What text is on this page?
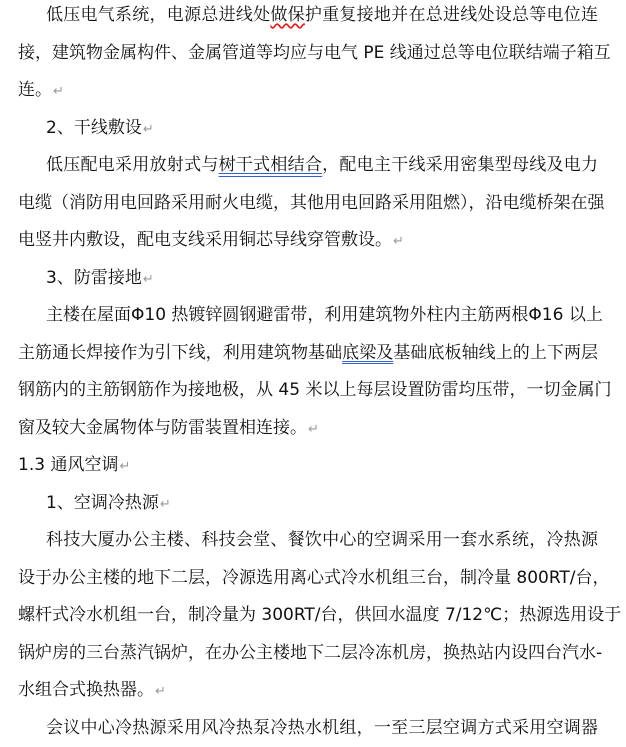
低压电气系统，电源总进线处做保护重复接地并在总进线处设总等电位连
接，建筑物金属构件、金属管道等均应与电气 PE 线通过总等电位联结端子箱互
连。↵
2、干线敷设↵
低压配电采用放射式与树干式相结合，配电主干线采用密集型母线及电力
电缆（消防用电回路采用耐火电缆，其他用电回路采用阻燃），沿电缆桥架在强
电竖井内敷设，配电支线采用铜芯导线穿管敷设。↵
3、防雷接地↵
主楼在屋面Φ10 热镀锌圆钢避雷带，利用建筑物外柱内主筋两根Φ16 以上
主筋通长焊接作为引下线，利用建筑物基础底梁及基础底板轴线上的上下两层
钢筋内的主筋钢筋作为接地极，从 45 米以上每层设置防雷均压带，一切金属门
窗及较大金属物体与防雷装置相连接。↵
1.3 通风空调↵
1、空调冷热源↵
科技大厦办公主楼、科技会堂、餐饮中心的空调采用一套水系统，冷热源
设于办公主楼的地下二层，冷源选用离心式冷水机组三台，制冷量 800RT/台，
螺杆式冷水机组一台，制冷量为 300RT/台，供回水温度 7/12℃；热源选用设于
锅炉房的三台蒸汽锅炉，在办公主楼地下二层冷冻机房，换热站内设四台汽水-
水组合式换热器。↵
会议中心冷热源采用风冷热泵冷热水机组，一至三层空调方式采用空调器
